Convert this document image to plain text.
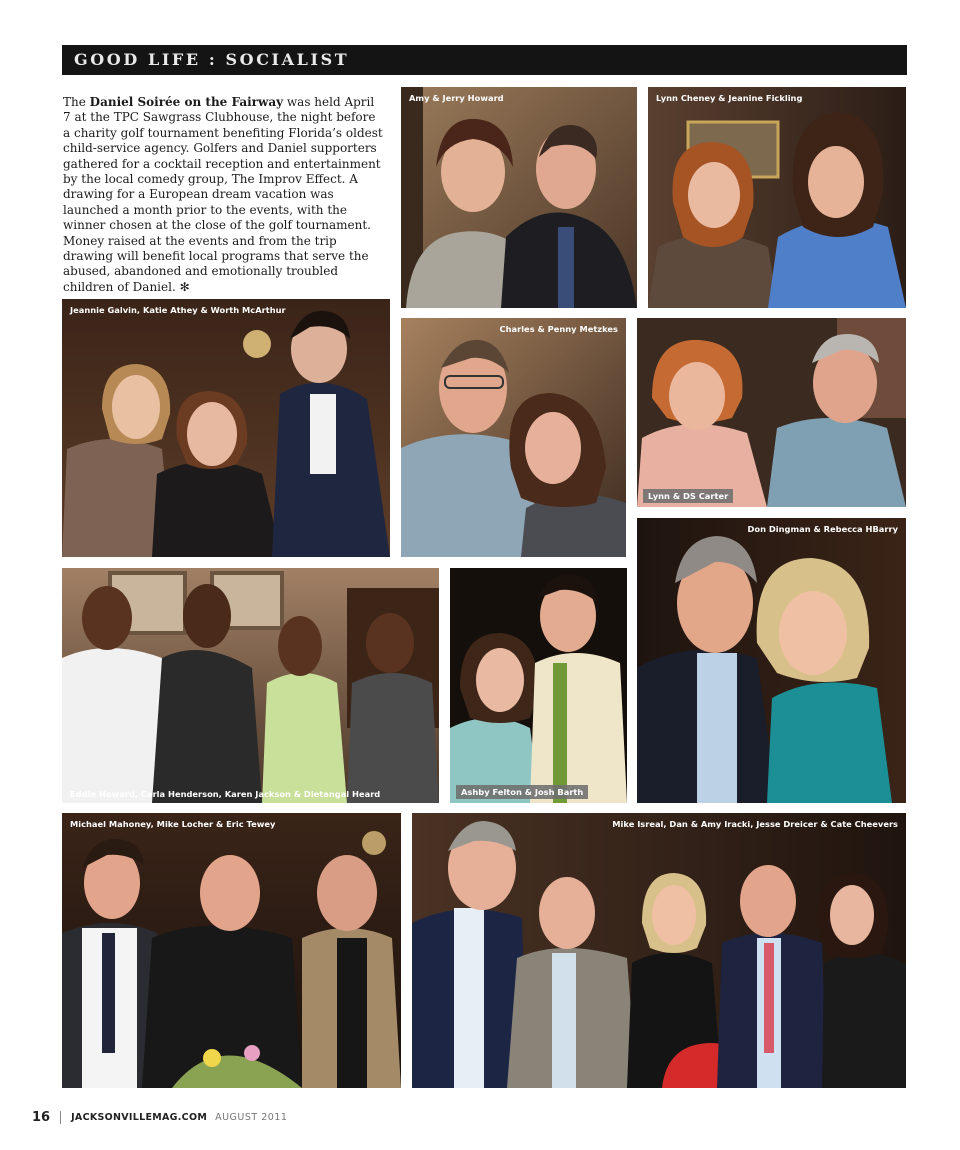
GOOD LIFE : SOCIALIST
The Daniel Soirée on the Fairway was held April 7 at the TPC Sawgrass Clubhouse, the night before a charity golf tournament benefiting Florida’s oldest child-service agency. Golfers and Daniel supporters gathered for a cocktail reception and entertainment by the local comedy group, The Improv Effect. A drawing for a European dream vacation was launched a month prior to the events, with the winner chosen at the close of the golf tournament. Money raised at the events and from the trip drawing will benefit local programs that serve the abused, abandoned and emotionally troubled children of Daniel. ✻
Amy & Jerry Howard	Lynn Cheney & Jeanine Fickling
Jeannie Galvin, Katie Athey & Worth McArthur
Charles & Penny Metzkes
Lynn & DS Carter
Don Dingman & Rebecca HBarry
Eddie Howard, Carla Henderson, Karen Jackson & Dietangal Heard	Ashby Felton & Josh Barth
Michael Mahoney, Mike Locher & Eric Tewey	Mike Isreal, Dan & Amy Iracki, Jesse Dreicer & Cate Cheevers
16 JACKSONVILLEMAG.COM AUGUST 2011
